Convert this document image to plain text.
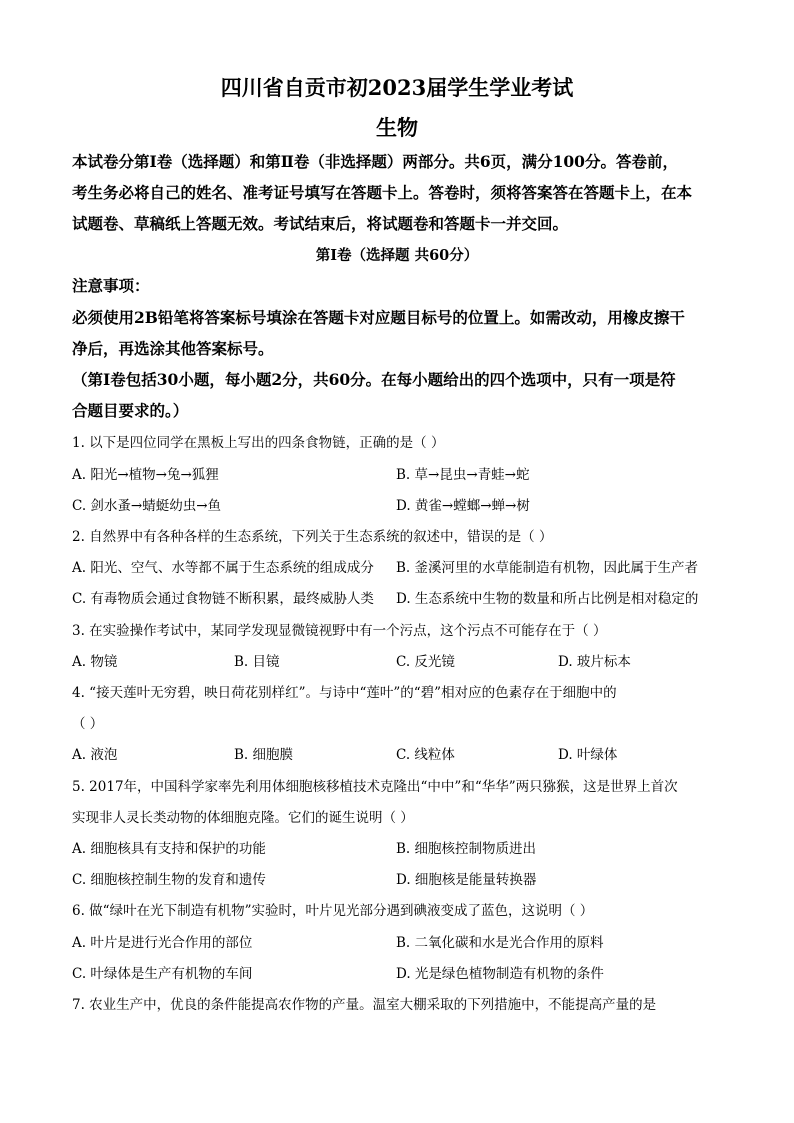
四川省自贡市初2023届学生学业考试
生物
本试卷分第Ⅰ卷（选择题）和第Ⅱ卷（非选择题）两部分。共6页，满分100分。答卷前，
考生务必将自己的姓名、准考证号填写在答题卡上。答卷时，须将答案答在答题卡上，在本
试题卷、草稿纸上答题无效。考试结束后，将试题卷和答题卡一并交回。
第Ⅰ卷（选择题 共60分）
注意事项：
必须使用2B铅笔将答案标号填涂在答题卡对应题目标号的位置上。如需改动，用橡皮擦干
净后，再选涂其他答案标号。
（第Ⅰ卷包括30小题，每小题2分，共60分。在每小题给出的四个选项中，只有一项是符
合题目要求的。）
1. 以下是四位同学在黑板上写出的四条食物链，正确的是（ ）
A. 阳光→植物→兔→狐狸	B. 草→昆虫→青蛙→蛇
C. 剑水蚤→蜻蜓幼虫→鱼	D. 黄雀→螳螂→蝉→树
2. 自然界中有各种各样的生态系统，下列关于生态系统的叙述中，错误的是（ ）
A. 阳光、空气、水等都不属于生态系统的组成成分 B. 釜溪河里的水草能制造有机物，因此属于生产者
C. 有毒物质会通过食物链不断积累，最终威胁人类 D. 生态系统中生物的数量和所占比例是相对稳定的
3. 在实验操作考试中，某同学发现显微镜视野中有一个污点，这个污点不可能存在于（ ）
A. 物镜	B. 目镜	C. 反光镜	D. 玻片标本
4. “接天莲叶无穷碧，映日荷花别样红”。与诗中“莲叶”的“碧”相对应的色素存在于细胞中的
（ ）
A. 液泡	B. 细胞膜	C. 线粒体	D. 叶绿体
5. 2017年，中国科学家率先利用体细胞核移植技术克隆出“中中”和“华华”两只猕猴，这是世界上首次
实现非人灵长类动物的体细胞克隆。它们的诞生说明（ ）
A. 细胞核具有支持和保护的功能	B. 细胞核控制物质进出
C. 细胞核控制生物的发育和遗传	D. 细胞核是能量转换器
6. 做“绿叶在光下制造有机物”实验时，叶片见光部分遇到碘液变成了蓝色，这说明（ ）
A. 叶片是进行光合作用的部位	B. 二氧化碳和水是光合作用的原料
C. 叶绿体是生产有机物的车间	D. 光是绿色植物制造有机物的条件
7. 农业生产中，优良的条件能提高农作物的产量。温室大棚采取的下列措施中，不能提高产量的是
